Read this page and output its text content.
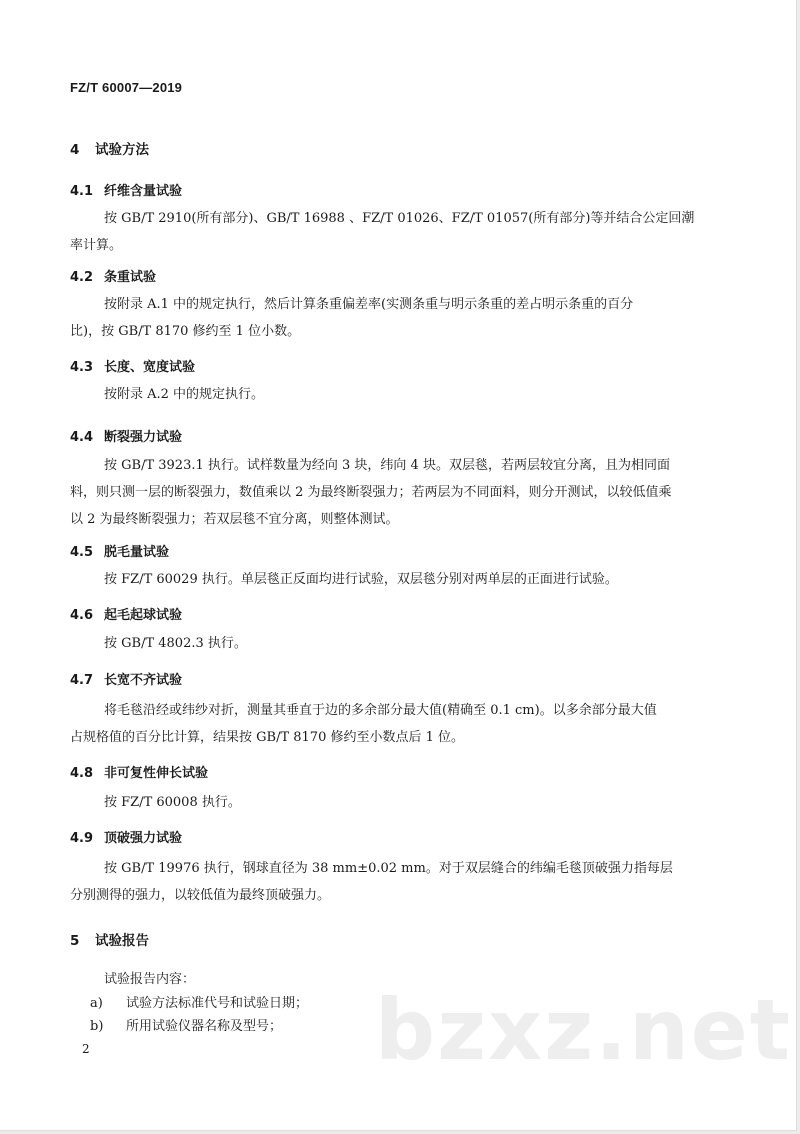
FZ/T 60007—2019
4 试验方法
4.1 纤维含量试验
按 GB/T 2910(所有部分)、GB/T 16988 、FZ/T 01026、FZ/T 01057(所有部分)等并结合公定回潮
率计算。
4.2 条重试验
按附录 A.1 中的规定执行，然后计算条重偏差率(实测条重与明示条重的差占明示条重的百分
比)，按 GB/T 8170 修约至 1 位小数。
4.3 长度、宽度试验
按附录 A.2 中的规定执行。
4.4 断裂强力试验
按 GB/T 3923.1 执行。试样数量为经向 3 块，纬向 4 块。双层毯，若两层较宜分离，且为相同面
料，则只测一层的断裂强力，数值乘以 2 为最终断裂强力；若两层为不同面料，则分开测试，以较低值乘
以 2 为最终断裂强力；若双层毯不宜分离，则整体测试。
4.5 脱毛量试验
按 FZ/T 60029 执行。单层毯正反面均进行试验，双层毯分别对两单层的正面进行试验。
4.6 起毛起球试验
按 GB/T 4802.3 执行。
4.7 长宽不齐试验
将毛毯沿经或纬纱对折，测量其垂直于边的多余部分最大值(精确至 0.1 cm)。以多余部分最大值
占规格值的百分比计算，结果按 GB/T 8170 修约至小数点后 1 位。
4.8 非可复性伸长试验
按 FZ/T 60008 执行。
4.9 顶破强力试验
按 GB/T 19976 执行，钢球直径为 38 mm±0.02 mm。对于双层缝合的纬编毛毯顶破强力指每层
分别测得的强力，以较低值为最终顶破强力。
5 试验报告
试验报告内容：
a) 试验方法标准代号和试验日期；
b) 所用试验仪器名称及型号； bzxz.net
2
